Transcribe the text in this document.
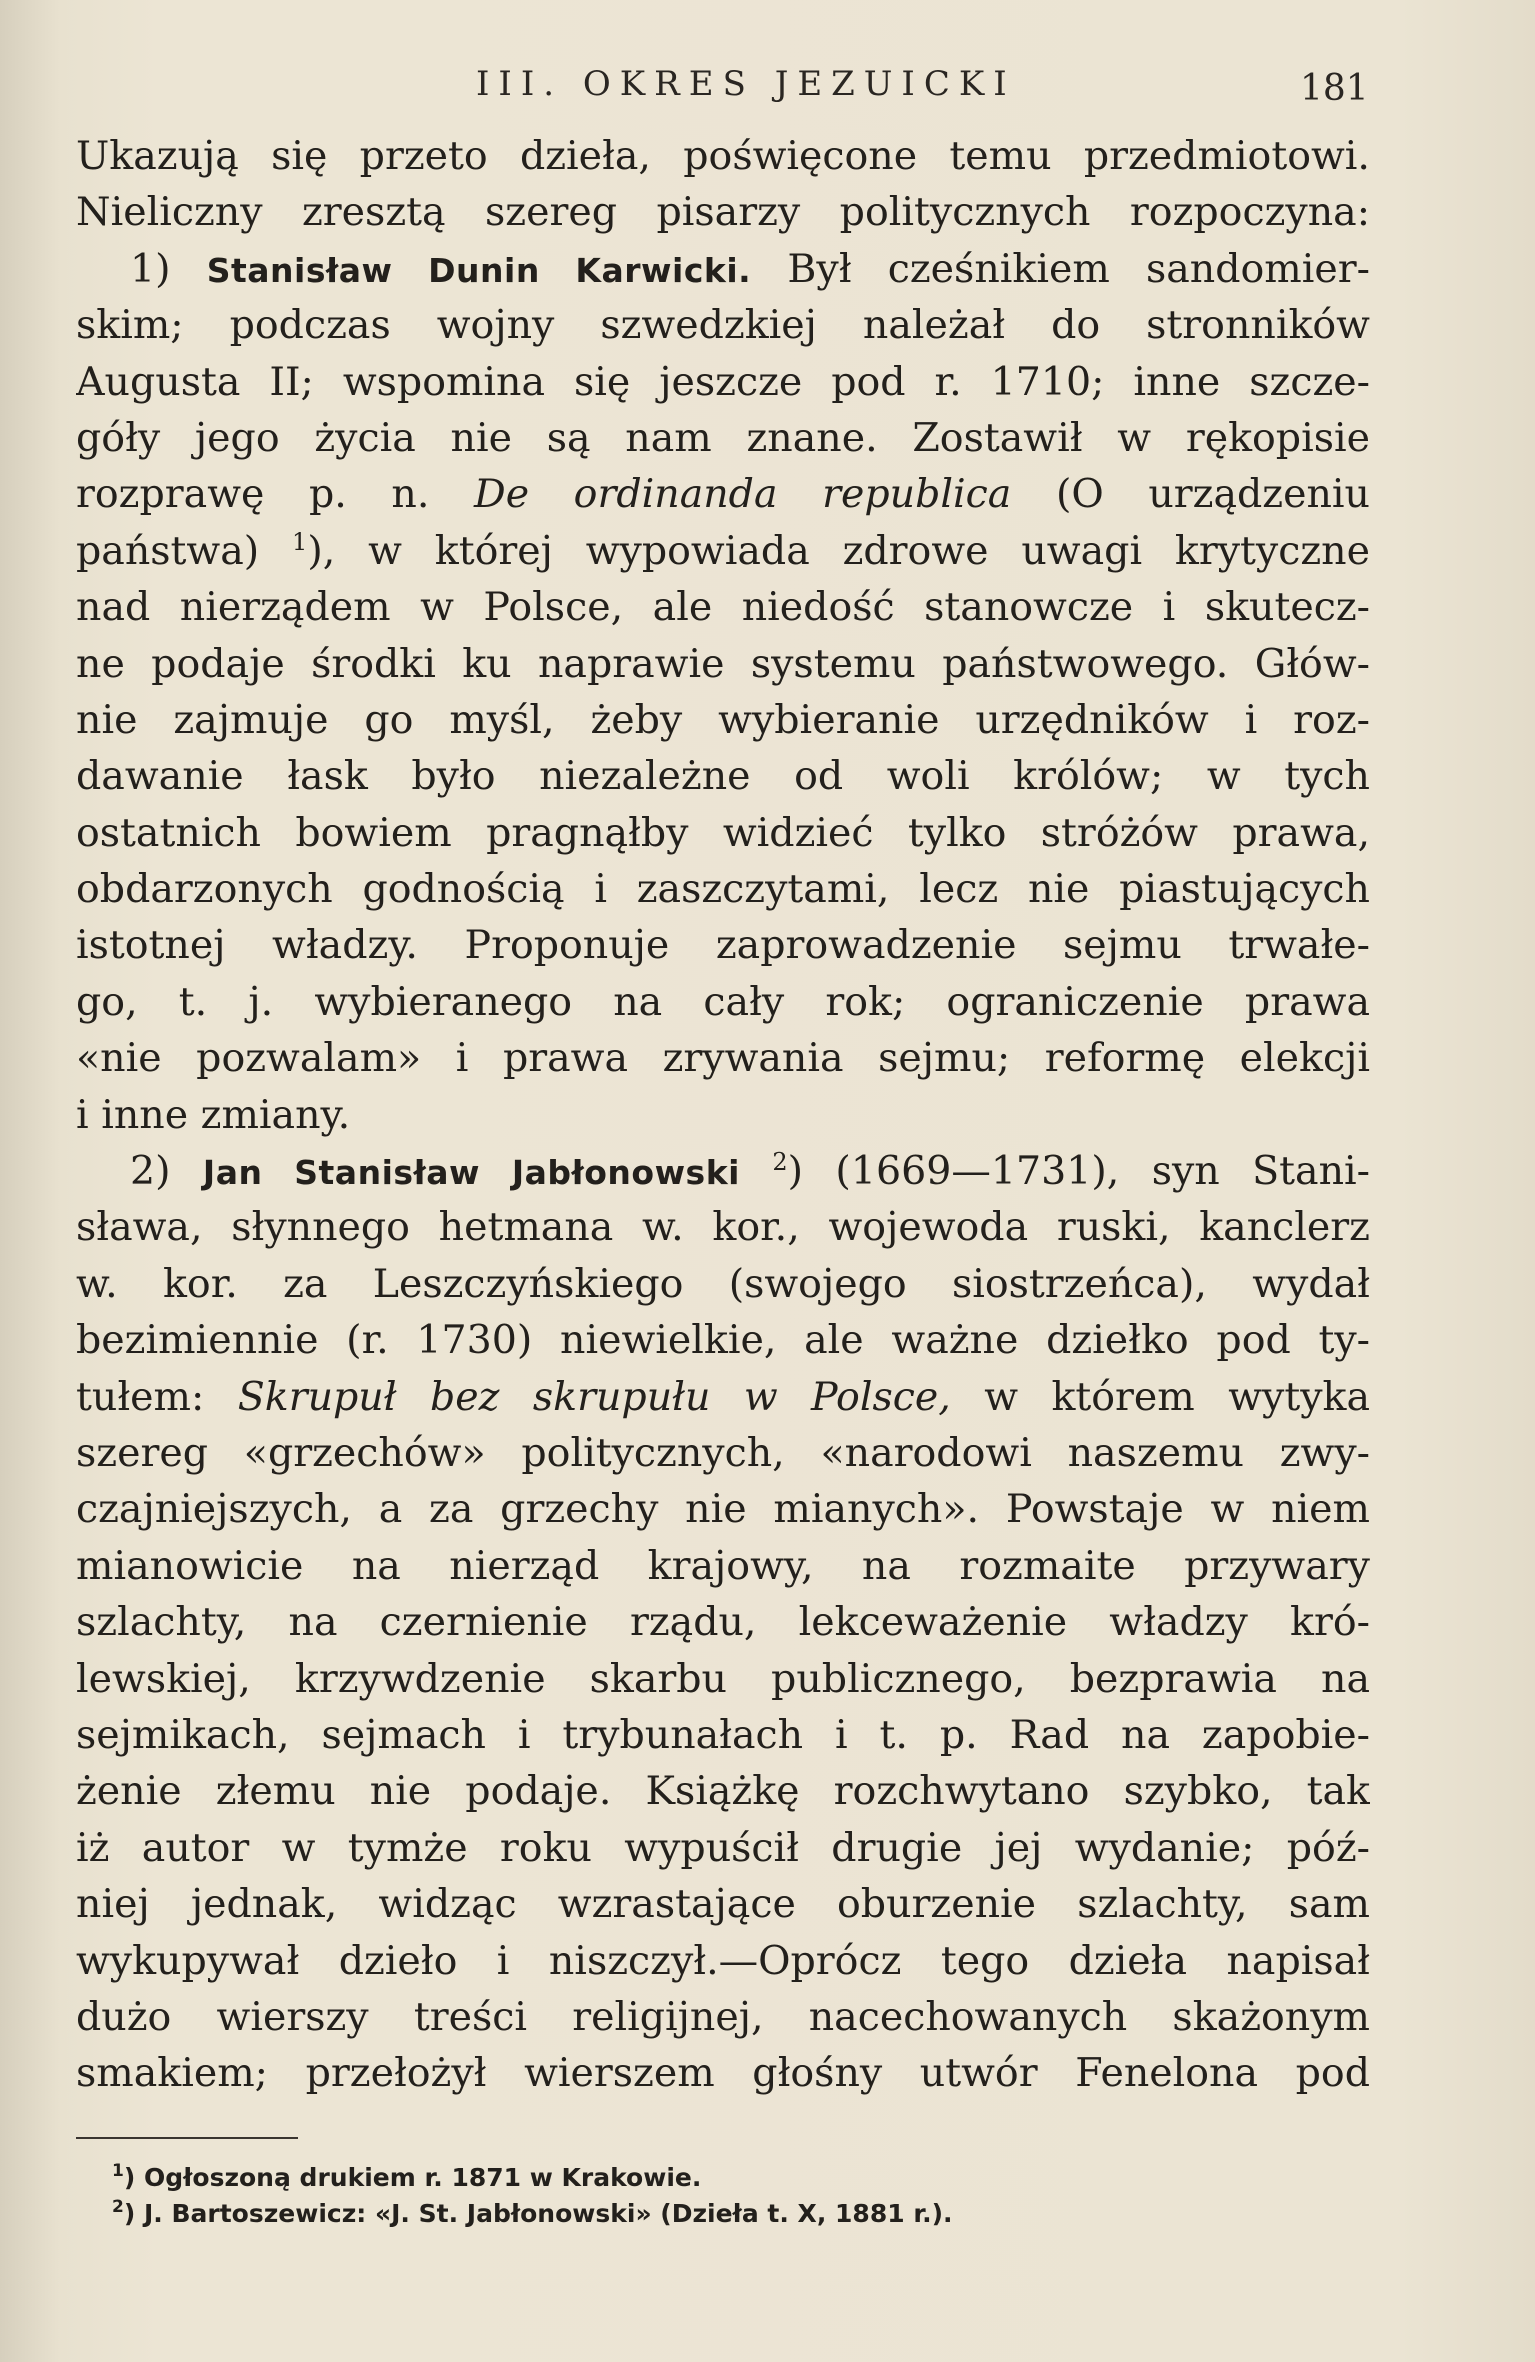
III. OKRES JEZUICKI	181
Ukazują się przeto dzieła, poświęcone temu przedmiotowi.
Nieliczny zresztą szereg pisarzy politycznych rozpoczyna:
1) Stanisław Dunin Karwicki. Był cześnikiem sandomier-
skim; podczas wojny szwedzkiej należał do stronników
Augusta II; wspomina się jeszcze pod r. 1710; inne szcze-
góły jego życia nie są nam znane. Zostawił w rękopisie
rozprawę p. n. De ordinanda republica (O urządzeniu
państwa) $^1$), w której wypowiada zdrowe uwagi krytyczne
nad nierządem w Polsce, ale niedość stanowcze i skutecz-
ne podaje środki ku naprawie systemu państwowego. Głów-
nie zajmuje go myśl, żeby wybieranie urzędników i roz-
dawanie łask było niezależne od woli królów; w tych
ostatnich bowiem pragnąłby widzieć tylko stróżów prawa,
obdarzonych godnością i zaszczytami, lecz nie piastujących
istotnej władzy. Proponuje zaprowadzenie sejmu trwałe-
go, t. j. wybieranego na cały rok; ograniczenie prawa
«nie pozwalam» i prawa zrywania sejmu; reformę elekcji
i inne zmiany.
2) Jan Stanisław Jabłonowski $^2$) (1669—1731), syn Stani-
sława, słynnego hetmana w. kor., wojewoda ruski, kanclerz
w. kor. za Leszczyńskiego (swojego siostrzeńca), wydał
bezimiennie (r. 1730) niewielkie, ale ważne dziełko pod ty-
tułem: Skrupuł bez skrupułu w Polsce, w którem wytyka
szereg «grzechów» politycznych, «narodowi naszemu zwy-
czajniejszych, a za grzechy nie mianych». Powstaje w niem
mianowicie na nierząd krajowy, na rozmaite przywary
szlachty, na czernienie rządu, lekceważenie władzy kró-
lewskiej, krzywdzenie skarbu publicznego, bezprawia na
sejmikach, sejmach i trybunałach i t. p. Rad na zapobie-
żenie złemu nie podaje. Książkę rozchwytano szybko, tak
iż autor w tymże roku wypuścił drugie jej wydanie; póź-
niej jednak, widząc wzrastające oburzenie szlachty, sam
wykupywał dzieło i niszczył.—Oprócz tego dzieła napisał
dużo wierszy treści religijnej, nacechowanych skażonym
smakiem; przełożył wierszem głośny utwór Fenelona pod
$^1$) Ogłoszoną drukiem r. 1871 w Krakowie.
$^2$) J. Bartoszewicz: «J. St. Jabłonowski» (Dzieła t. X, 1881 r.).
